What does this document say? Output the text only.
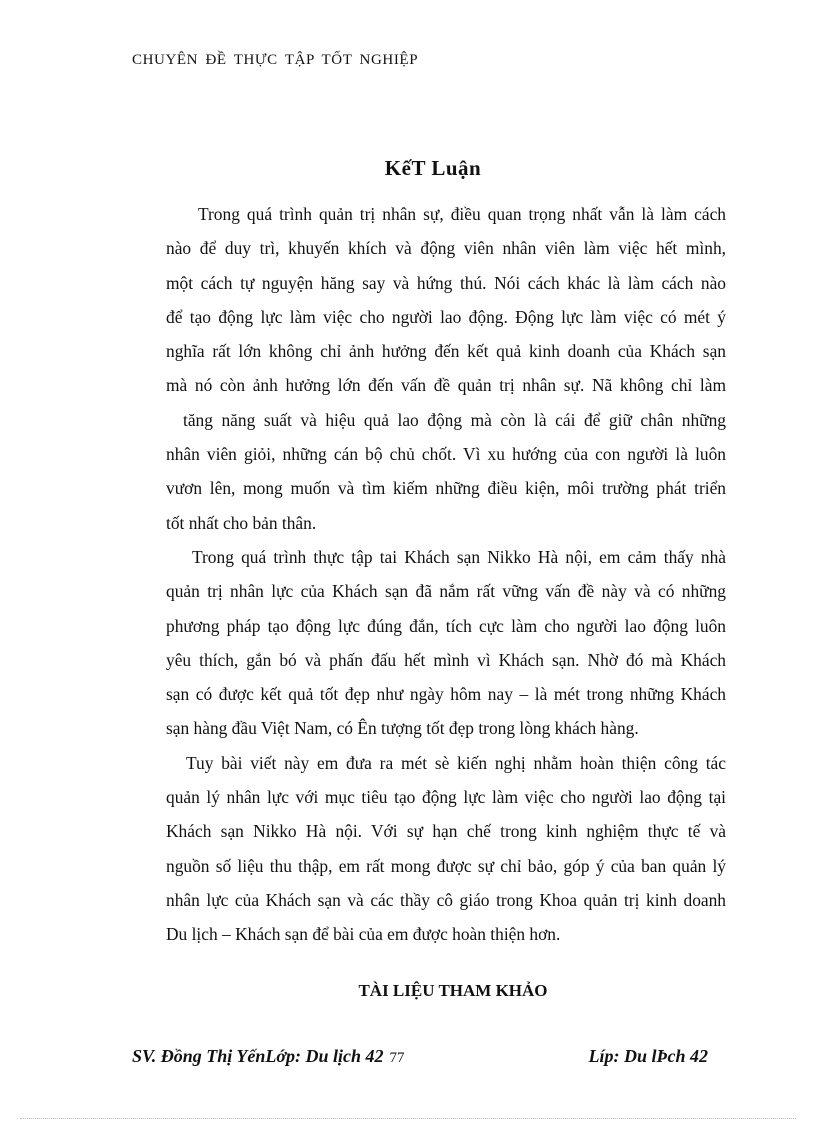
CHUYÊN ĐỀ THỰC TẬP TỐT NGHIỆP
KếT Luận
Trong quá trình quản trị nhân sự, điều quan trọng nhất vẫn là làm cách
nào để duy trì, khuyến khích và động viên nhân viên làm việc hết mình,
một cách tự nguyện hăng say và hứng thú. Nói cách khác là làm cách nào
để tạo động lực làm việc cho người lao động. Động lực làm việc có mét ý
nghĩa rất lớn không chỉ ảnh hưởng đến kết quả kinh doanh của Khách sạn
mà nó còn ảnh hưởng lớn đến vấn đề quản trị nhân sự. Nã không chỉ làm
tăng năng suất và hiệu quả lao động mà còn là cái để giữ chân những
nhân viên giỏi, những cán bộ chủ chốt. Vì xu hướng của con người là luôn
vươn lên, mong muốn và tìm kiếm những điều kiện, môi trường phát triển
tốt nhất cho bản thân.
Trong quá trình thực tập tai Khách sạn Nikko Hà nội, em cảm thấy nhà
quản trị nhân lực của Khách sạn đã nắm rất vững vấn đề này và có những
phương pháp tạo động lực đúng đắn, tích cực làm cho người lao động luôn
yêu thích, gắn bó và phấn đấu hết mình vì Khách sạn. Nhờ đó mà Khách
sạn có được kết quả tốt đẹp như ngày hôm nay – là mét trong những Khách
sạn hàng đầu Việt Nam, có Ên tượng tốt đẹp trong lòng khách hàng.
Tuy bài viết này em đưa ra mét sè kiến nghị nhằm hoàn thiện công tác
quản lý nhân lực với mục tiêu tạo động lực làm việc cho người lao động tại
Khách sạn Nikko Hà nội. Với sự hạn chế trong kinh nghiệm thực tế và
nguồn số liệu thu thập, em rất mong được sự chỉ bảo, góp ý của ban quản lý
nhân lực của Khách sạn và các thầy cô giáo trong Khoa quản trị kinh doanh
Du lịch – Khách sạn để bài của em được hoàn thiện hơn.
TÀI LIỆU THAM KHẢO
SV. Đồng Thị YếnLớp: Du lịch 42 77	Líp: Du lÞch 42
